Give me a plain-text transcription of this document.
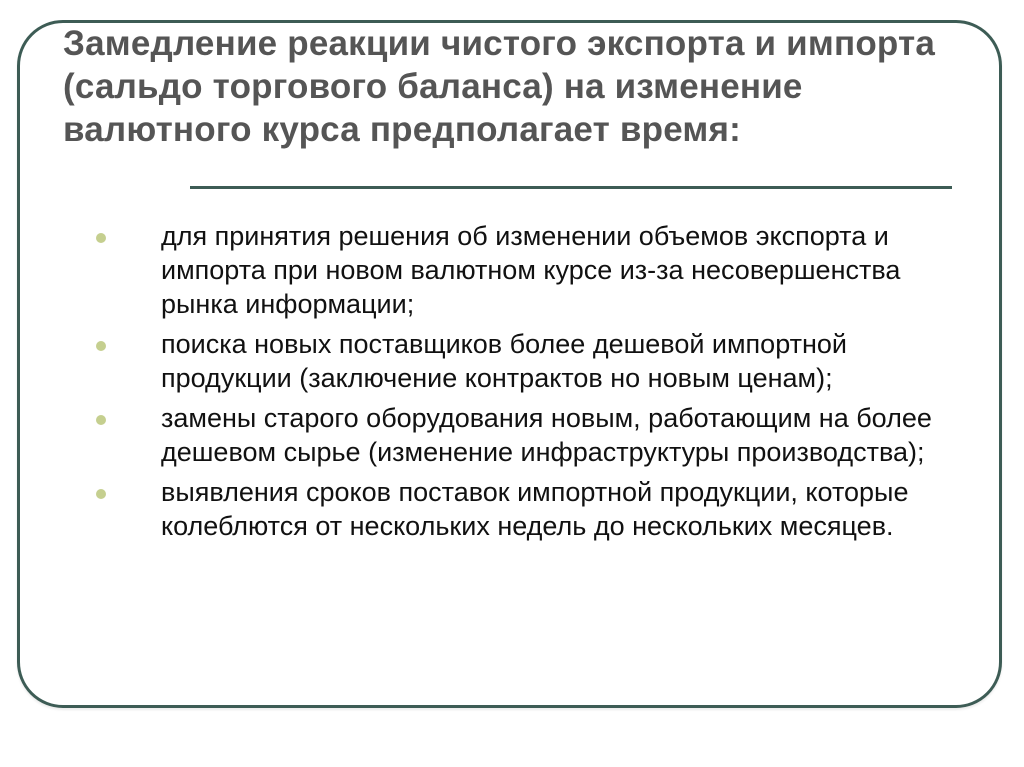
Замедление реакции чистого экспорта и импорта (сальдо торгового баланса) на изменение валютного курса предполагает время:
для принятия решения об изменении объемов экспорта и импорта при новом валютном курсе из-за несовершенства рынка информации;
поиска новых поставщиков более дешевой импортной продукции (заключение контрактов но новым ценам);
замены старого оборудования новым, работающим на более дешевом сырье (изменение инфраструктуры производства);
выявления сроков поставок импортной продукции, которые колеблются от нескольких недель до нескольких месяцев.
